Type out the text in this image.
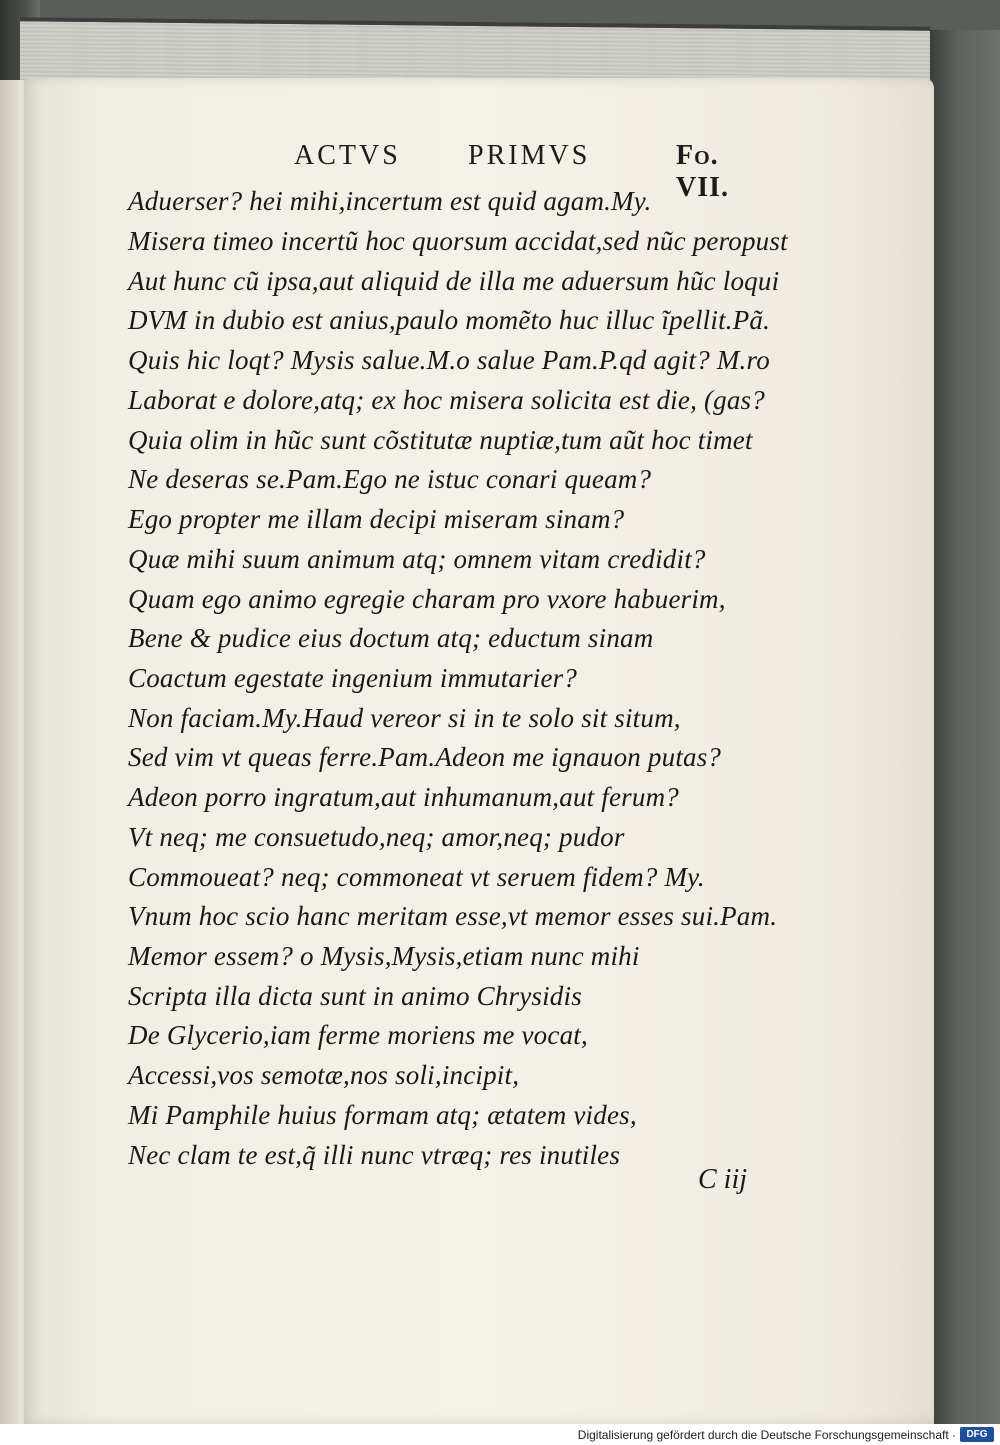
ACTVS PRIMVS	Fo. VII.
Aduerser? hei mihi,incertum est quid agam.My.
Misera timeo incertũ hoc quorsum accidat,sed nũc peropust
Aut hunc cũ ipsa,aut aliquid de illa me aduersum hũc loqui
DVM in dubio est anius,paulo momẽto huc illuc ĩpellit.Pã.
Quis hic loqt? Mysis salue.M.o salue Pam.P.qd agit? M.ro
Laborat e dolore,atq; ex hoc misera solicita est die, (gas?
Quia olim in hũc sunt cõstitutæ nuptiæ,tum aũt hoc timet
Ne deseras se.Pam.Ego ne istuc conari queam?
Ego propter me illam decipi miseram sinam?
Quæ mihi suum animum atq; omnem vitam credidit?
Quam ego animo egregie charam pro vxore habuerim,
Bene & pudice eius doctum atq; eductum sinam
Coactum egestate ingenium immutarier?
Non faciam.My.Haud vereor si in te solo sit situm,
Sed vim vt queas ferre.Pam.Adeon me ignauon putas?
Adeon porro ingratum,aut inhumanum,aut ferum?
Vt neq; me consuetudo,neq; amor,neq; pudor
Commoueat? neq; commoneat vt seruem fidem? My.
Vnum hoc scio hanc meritam esse,vt memor esses sui.Pam.
Memor essem? o Mysis,Mysis,etiam nunc mihi
Scripta illa dicta sunt in animo Chrysidis
De Glycerio,iam ferme moriens me vocat,
Accessi,vos semotæ,nos soli,incipit,
Mi Pamphile huius formam atq; ætatem vides,
Nec clam te est,q̃ illi nunc vtræq; res inutiles
C iij
Digitalisierung gefördert durch die Deutsche Forschungsgemeinschaft ·	DFG
